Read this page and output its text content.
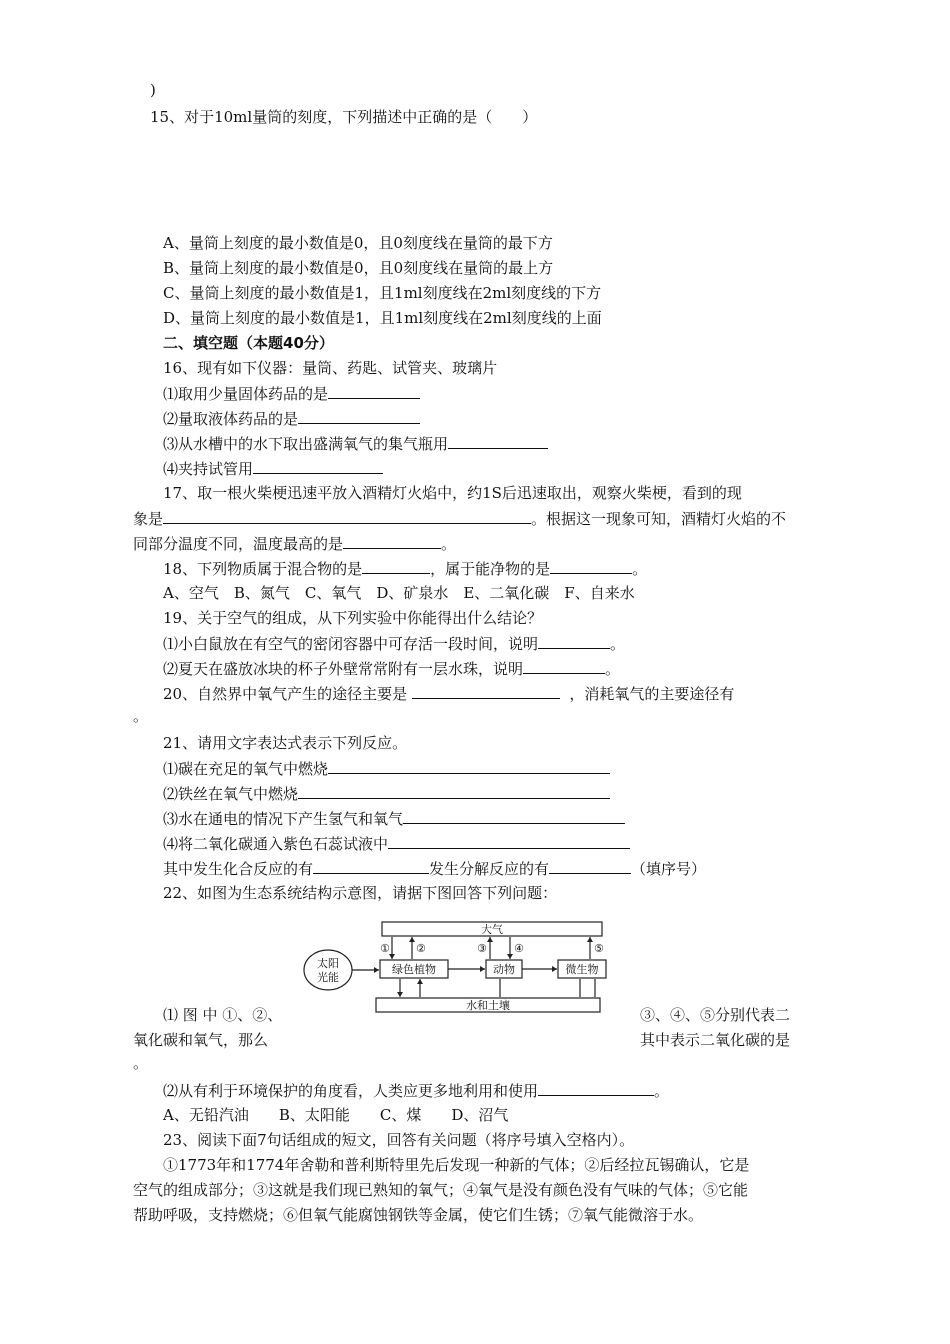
)
15、对于10ml量筒的刻度，下列描述中正确的是（　　）
A、量筒上刻度的最小数值是0，且0刻度线在量筒的最下方
B、量筒上刻度的最小数值是0，且0刻度线在量筒的最上方
C、量筒上刻度的最小数值是1，且1ml刻度线在2ml刻度线的下方
D、量筒上刻度的最小数值是1，且1ml刻度线在2ml刻度线的上面
二、填空题（本题40分）
16、现有如下仪器：量筒、药匙、试管夹、玻璃片
⑴取用少量固体药品的是
⑵量取液体药品的是
⑶从水槽中的水下取出盛满氧气的集气瓶用
⑷夹持试管用
17、取一根火柴梗迅速平放入酒精灯火焰中，约1S后迅速取出，观察火柴梗，看到的现
象是	。根据这一现象可知，酒精灯火焰的不
同部分温度不同，温度最高的是	。
18、下列物质属于混合物的是	，属于能净物的是	。
A、空气　B、氮气　C、氧气　D、矿泉水　E、二氧化碳　F、自来水
19、关于空气的组成，从下列实验中你能得出什么结论？
⑴小白鼠放在有空气的密闭容器中可存活一段时间，说明	。
⑵夏天在盛放冰块的杯子外壁常常附有一层水珠，说明	。
20、自然界中氧气产生的途径主要是	，消耗氧气的主要途径有
。
21、请用文字表达式表示下列反应。
⑴碳在充足的氧气中燃烧
⑵铁丝在氧气中燃烧
⑶水在通电的情况下产生氢气和氧气
⑷将二氧化碳通入紫色石蕊试液中
其中发生化合反应的有	发生分解反应的有	（填序号）
22、如图为生态系统结构示意图，请据下图回答下列问题：
大气
太阳
光能
绿色植物	动物	微生物
水和土壤
① ②	③ ④	⑤
⑴ 图 中 ①、②、	③、④、⑤分别代表二
氧化碳和氧气，那么	其中表示二氧化碳的是
。
⑵从有利于环境保护的角度看，人类应更多地利用和使用	。
A、无铅汽油　　B、太阳能　　C、煤　　D、沼气
23、阅读下面7句话组成的短文，回答有关问题（将序号填入空格内）。
①1773年和1774年舍勒和普利斯特里先后发现一种新的气体；②后经拉瓦锡确认，它是
空气的组成部分；③这就是我们现已熟知的氧气；④氧气是没有颜色没有气味的气体；⑤它能
帮助呼吸，支持燃烧；⑥但氧气能腐蚀钢铁等金属，使它们生锈；⑦氧气能微溶于水。
